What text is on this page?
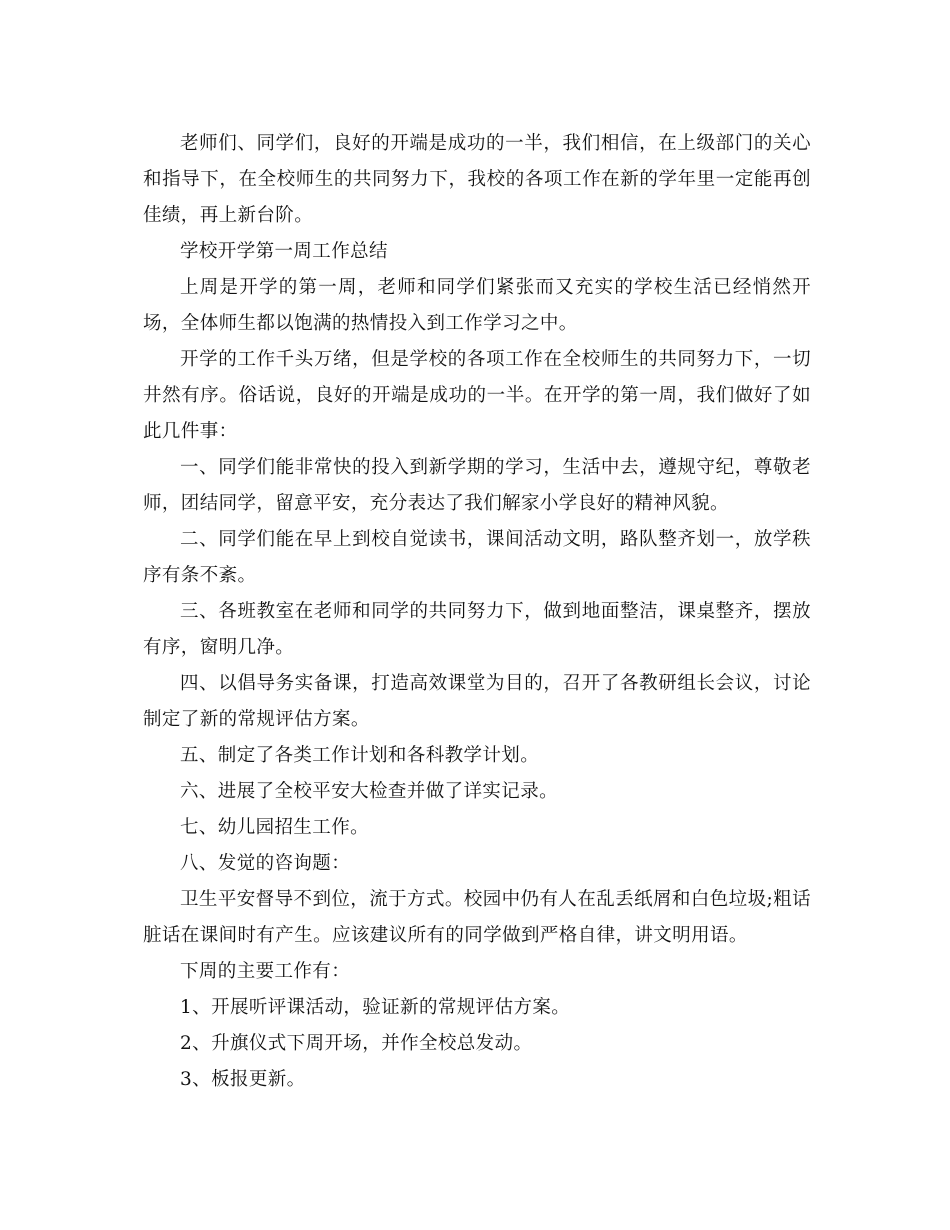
老师们、同学们，良好的开端是成功的一半，我们相信，在上级部门的关心和指导下，在全校师生的共同努力下，我校的各项工作在新的学年里一定能再创佳绩，再上新台阶。

学校开学第一周工作总结

上周是开学的第一周，老师和同学们紧张而又充实的学校生活已经悄然开场，全体师生都以饱满的热情投入到工作学习之中。

开学的工作千头万绪，但是学校的各项工作在全校师生的共同努力下，一切井然有序。俗话说，良好的开端是成功的一半。在开学的第一周，我们做好了如此几件事：

一、同学们能非常快的投入到新学期的学习，生活中去，遵规守纪，尊敬老师，团结同学，留意平安，充分表达了我们解家小学良好的精神风貌。

二、同学们能在早上到校自觉读书，课间活动文明，路队整齐划一，放学秩序有条不紊。

三、各班教室在老师和同学的共同努力下，做到地面整洁，课桌整齐，摆放有序，窗明几净。

四、以倡导务实备课，打造高效课堂为目的，召开了各教研组长会议，讨论制定了新的常规评估方案。

五、制定了各类工作计划和各科教学计划。

六、进展了全校平安大检查并做了详实记录。

七、幼儿园招生工作。

八、发觉的咨询题：

卫生平安督导不到位，流于方式。校园中仍有人在乱丢纸屑和白色垃圾;粗话脏话在课间时有产生。应该建议所有的同学做到严格自律，讲文明用语。

下周的主要工作有：

1、开展听评课活动，验证新的常规评估方案。

2、升旗仪式下周开场，并作全校总发动。

3、板报更新。
